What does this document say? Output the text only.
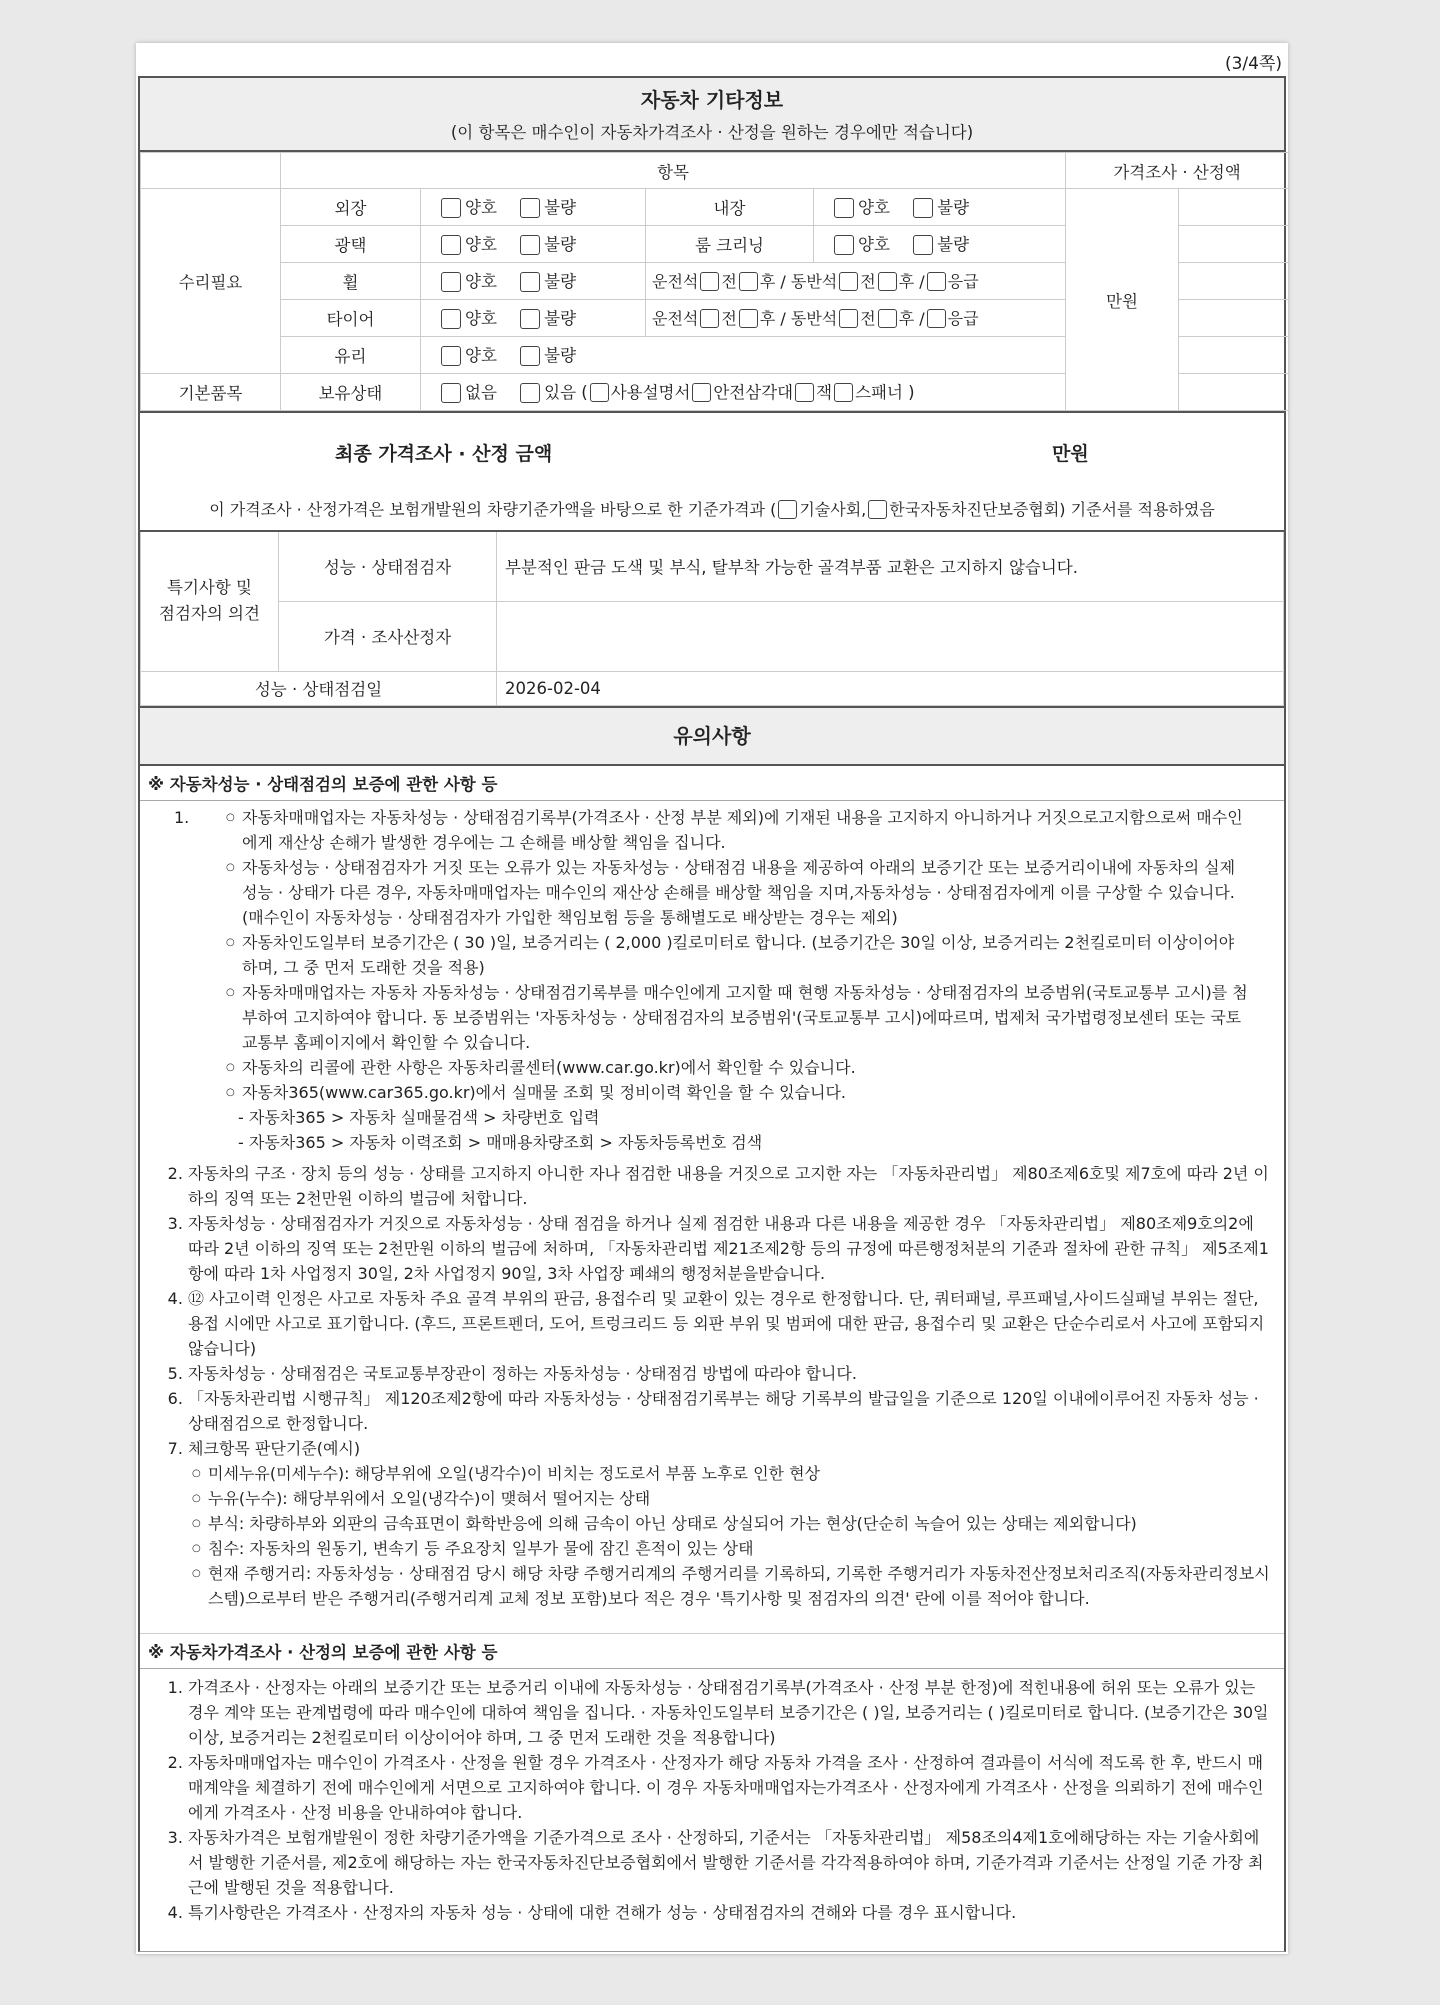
(3/4쪽)
자동차 기타정보
(이 항목은 매수인이 자동차가격조사 · 산정을 원하는 경우에만 적습니다)
	항목				가격조사 · 산정액	
수리필요	외장	양호 불량	내장	양호 불량	만원	
	광택	양호 불량	룸 크리닝	양호 불량		
	휠	양호 불량	운전석 전 후 / 동반석 전 후 / 응급			
	타이어	양호 불량	운전석 전 후 / 동반석 전 후 / 응급			
	유리	양호 불량				
기본품목	보유상태	없음 있음 ( 사용설명서 안전삼각대 잭 스패너 )				
최종 가격조사 · 산정 금액	만원
이 가격조사 · 산정가격은 보험개발원의 차량기준가액을 바탕으로 한 기준가격과 ( 기술사회, 한국자동차진단보증협회) 기준서를 적용하였음
특기사항 및
점검자의 의견	성능 · 상태점검자	부분적인 판금 도색 및 부식, 탈부착 가능한 골격부품 교환은 고지하지 않습니다.
	가격 · 조사산정자	
성능 · 상태점검일		2026-02-04
유의사항
※ 자동차성능 · 상태점검의 보증에 관한 사항 등
1.	○ 자동차매매업자는 자동차성능 · 상태점검기록부(가격조사 · 산정 부분 제외)에 기재된 내용을 고지하지 아니하거나 거짓으로고지함으로써 매수인에게 재산상 손해가 발생한 경우에는 그 손해를 배상할 책임을 집니다.
○ 자동차성능 · 상태점검자가 거짓 또는 오류가 있는 자동차성능 · 상태점검 내용을 제공하여 아래의 보증기간 또는 보증거리이내에 자동차의 실제 성능 · 상태가 다른 경우, 자동차매매업자는 매수인의 재산상 손해를 배상할 책임을 지며,자동차성능 · 상태점검자에게 이를 구상할 수 있습니다.(매수인이 자동차성능 · 상태점검자가 가입한 책임보험 등을 통해별도로 배상받는 경우는 제외)
○ 자동차인도일부터 보증기간은 ( 30 )일, 보증거리는 ( 2,000 )킬로미터로 합니다. (보증기간은 30일 이상, 보증거리는 2천킬로미터 이상이어야 하며, 그 중 먼저 도래한 것을 적용)
○ 자동차매매업자는 자동차 자동차성능 · 상태점검기록부를 매수인에게 고지할 때 현행 자동차성능 · 상태점검자의 보증범위(국토교통부 고시)를 첨부하여 고지하여야 합니다. 동 보증범위는 '자동차성능 · 상태점검자의 보증범위'(국토교통부 고시)에따르며, 법제처 국가법령정보센터 또는 국토교통부 홈페이지에서 확인할 수 있습니다.
○ 자동차의 리콜에 관한 사항은 자동차리콜센터(www.car.go.kr)에서 확인할 수 있습니다.
○ 자동차365(www.car365.go.kr)에서 실매물 조회 및 정비이력 확인을 할 수 있습니다.
- 자동차365 > 자동차 실매물검색 > 차량번호 입력
- 자동차365 > 자동차 이력조회 > 매매용차량조회 > 자동차등록번호 검색
2. 자동차의 구조 · 장치 등의 성능 · 상태를 고지하지 아니한 자나 점검한 내용을 거짓으로 고지한 자는 「자동차관리법」 제80조제6호및 제7호에 따라 2년 이하의 징역 또는 2천만원 이하의 벌금에 처합니다.
3. 자동차성능 · 상태점검자가 거짓으로 자동차성능 · 상태 점검을 하거나 실제 점검한 내용과 다른 내용을 제공한 경우 「자동차관리법」 제80조제9호의2에 따라 2년 이하의 징역 또는 2천만원 이하의 벌금에 처하며, 「자동차관리법 제21조제2항 등의 규정에 따른행정처분의 기준과 절차에 관한 규칙」 제5조제1항에 따라 1차 사업정지 30일, 2차 사업정지 90일, 3차 사업장 폐쇄의 행정처분을받습니다.
4. ⑫ 사고이력 인정은 사고로 자동차 주요 골격 부위의 판금, 용접수리 및 교환이 있는 경우로 한정합니다. 단, 쿼터패널, 루프패널,사이드실패널 부위는 절단, 용접 시에만 사고로 표기합니다. (후드, 프론트펜더, 도어, 트렁크리드 등 외판 부위 및 범퍼에 대한 판금, 용접수리 및 교환은 단순수리로서 사고에 포함되지않습니다)
5. 자동차성능 · 상태점검은 국토교통부장관이 정하는 자동차성능 · 상태점검 방법에 따라야 합니다.
6. 「자동차관리법 시행규칙」 제120조제2항에 따라 자동차성능 · 상태점검기록부는 해당 기록부의 발급일을 기준으로 120일 이내에이루어진 자동차 성능 · 상태점검으로 한정합니다.
7. 체크항목 판단기준(예시)
○ 미세누유(미세누수): 해당부위에 오일(냉각수)이 비치는 정도로서 부품 노후로 인한 현상
○ 누유(누수): 해당부위에서 오일(냉각수)이 맺혀서 떨어지는 상태
○ 부식: 차량하부와 외판의 금속표면이 화학반응에 의해 금속이 아닌 상태로 상실되어 가는 현상(단순히 녹슬어 있는 상태는 제외합니다)
○ 침수: 자동차의 원동기, 변속기 등 주요장치 일부가 물에 잠긴 흔적이 있는 상태
○ 현재 주행거리: 자동차성능 · 상태점검 당시 해당 차량 주행거리계의 주행거리를 기록하되, 기록한 주행거리가 자동차전산정보처리조직(자동차관리정보시스템)으로부터 받은 주행거리(주행거리계 교체 정보 포함)보다 적은 경우 '특기사항 및 점검자의 의견' 란에 이를 적어야 합니다.
※ 자동차가격조사 · 산정의 보증에 관한 사항 등
1. 가격조사 · 산정자는 아래의 보증기간 또는 보증거리 이내에 자동차성능 · 상태점검기록부(가격조사 · 산정 부분 한정)에 적힌내용에 허위 또는 오류가 있는 경우 계약 또는 관계법령에 따라 매수인에 대하여 책임을 집니다. · 자동차인도일부터 보증기간은 ( )일, 보증거리는 ( )킬로미터로 합니다. (보증기간은 30일 이상, 보증거리는 2천킬로미터 이상이어야 하며, 그 중 먼저 도래한 것을 적용합니다)
2. 자동차매매업자는 매수인이 가격조사 · 산정을 원할 경우 가격조사 · 산정자가 해당 자동차 가격을 조사 · 산정하여 결과를이 서식에 적도록 한 후, 반드시 매매계약을 체결하기 전에 매수인에게 서면으로 고지하여야 합니다. 이 경우 자동차매매업자는가격조사 · 산정자에게 가격조사 · 산정을 의뢰하기 전에 매수인에게 가격조사 · 산정 비용을 안내하여야 합니다.
3. 자동차가격은 보험개발원이 정한 차량기준가액을 기준가격으로 조사 · 산정하되, 기준서는 「자동차관리법」 제58조의4제1호에해당하는 자는 기술사회에서 발행한 기준서를, 제2호에 해당하는 자는 한국자동차진단보증협회에서 발행한 기준서를 각각적용하여야 하며, 기준가격과 기준서는 산정일 기준 가장 최근에 발행된 것을 적용합니다.
4. 특기사항란은 가격조사 · 산정자의 자동차 성능 · 상태에 대한 견해가 성능 · 상태점검자의 견해와 다를 경우 표시합니다.
